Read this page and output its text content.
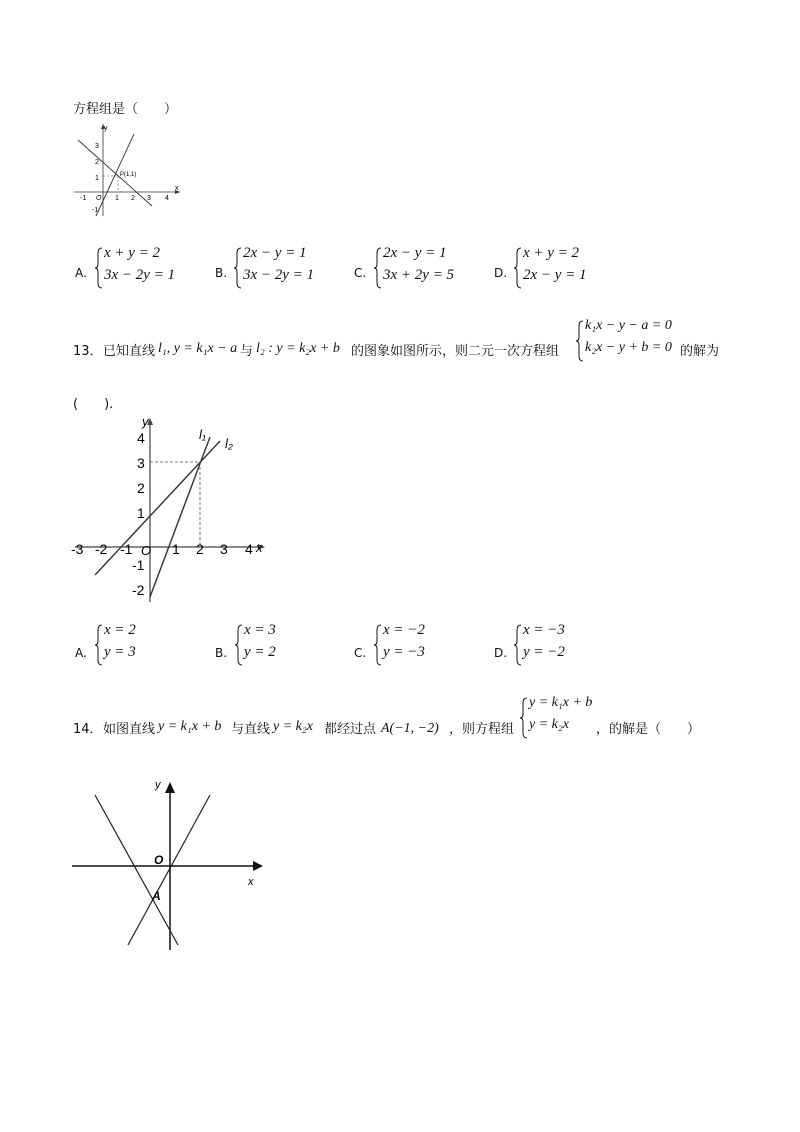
方程组是（　　）
y
x
O
P(1,1)
-1	1 2 3 4
3
2
1
-1
A.
x + y = 2
3x − 2y = 1	B.
2x − y = 1
3x − 2y = 1	C.
2x − y = 1
3x + 2y = 5	D.
x + y = 2
2x − y = 1
13． 已知直线 l₁, y = k₁x − a 与 l₂ : y = k₂x + b 的图象如图所示，则二元一次方程组
k₁x − y − a = 0
k₂x − y + b = 0 的解为
(　　).
y
x
O
l₁
l₂
-3 -2 -1	1 2 3 4
4
3
2
1
-1
-2
A.
x = 2
y = 3	B.
x = 3
y = 2	C.
x = −2
y = −3	D.
x = −3
y = −2
14． 如图直线 y = k₁x + b 与直线 y = k₂x 都经过点 A(−1, −2) ，则方程组
y = k₁x + b
y = k₂x ，的解是（　　）
y
x
O
A
